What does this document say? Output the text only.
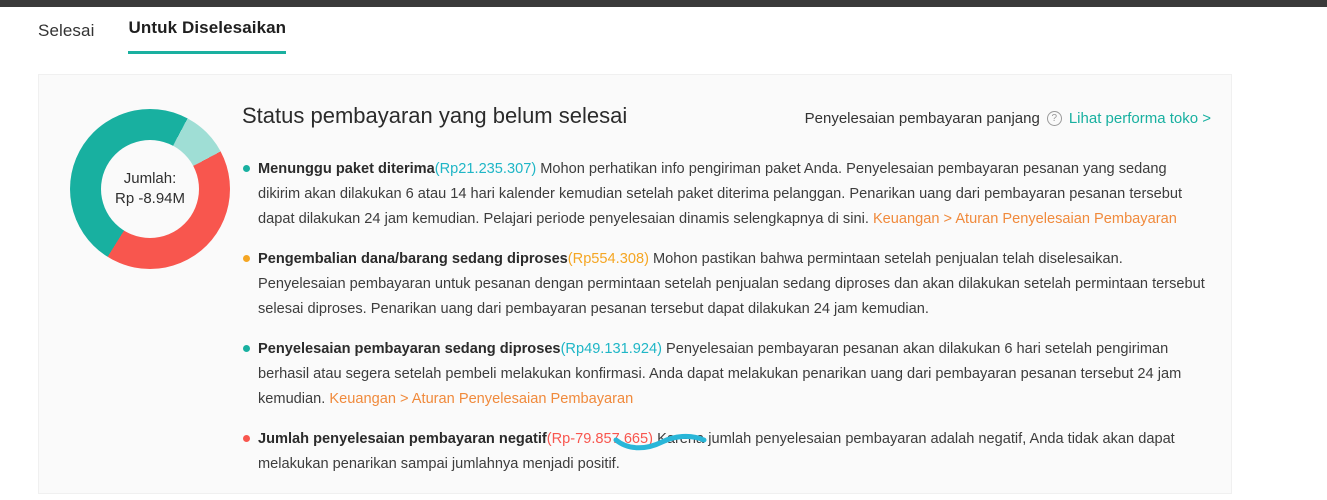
Selesai Untuk Diselesaikan
Jumlah:
Rp -8.94M
Status pembayaran yang belum selesai	Penyelesaian pembayaran panjang	? Lihat performa toko >
Menunggu paket diterima(Rp21.235.307) Mohon perhatikan info pengiriman paket Anda. Penyelesaian pembayaran pesanan yang sedang dikirim akan dilakukan 6 atau 14 hari kalender kemudian setelah paket diterima pelanggan. Penarikan uang dari pembayaran pesanan tersebut dapat dilakukan 24 jam kemudian. Pelajari periode penyelesaian dinamis selengkapnya di sini. Keuangan > Aturan Penyelesaian Pembayaran
Pengembalian dana/barang sedang diproses(Rp554.308) Mohon pastikan bahwa permintaan setelah penjualan telah diselesaikan. Penyelesaian pembayaran untuk pesanan dengan permintaan setelah penjualan sedang diproses dan akan dilakukan setelah permintaan tersebut selesai diproses. Penarikan uang dari pembayaran pesanan tersebut dapat dilakukan 24 jam kemudian.
Penyelesaian pembayaran sedang diproses(Rp49.131.924) Penyelesaian pembayaran pesanan akan dilakukan 6 hari setelah pengiriman berhasil atau segera setelah pembeli melakukan konfirmasi. Anda dapat melakukan penarikan uang dari pembayaran pesanan tersebut 24 jam kemudian. Keuangan > Aturan Penyelesaian Pembayaran
Jumlah penyelesaian pembayaran negatif(Rp-79.857.665) Karena jumlah penyelesaian pembayaran adalah negatif, Anda tidak akan dapat melakukan penarikan sampai jumlahnya menjadi positif.
